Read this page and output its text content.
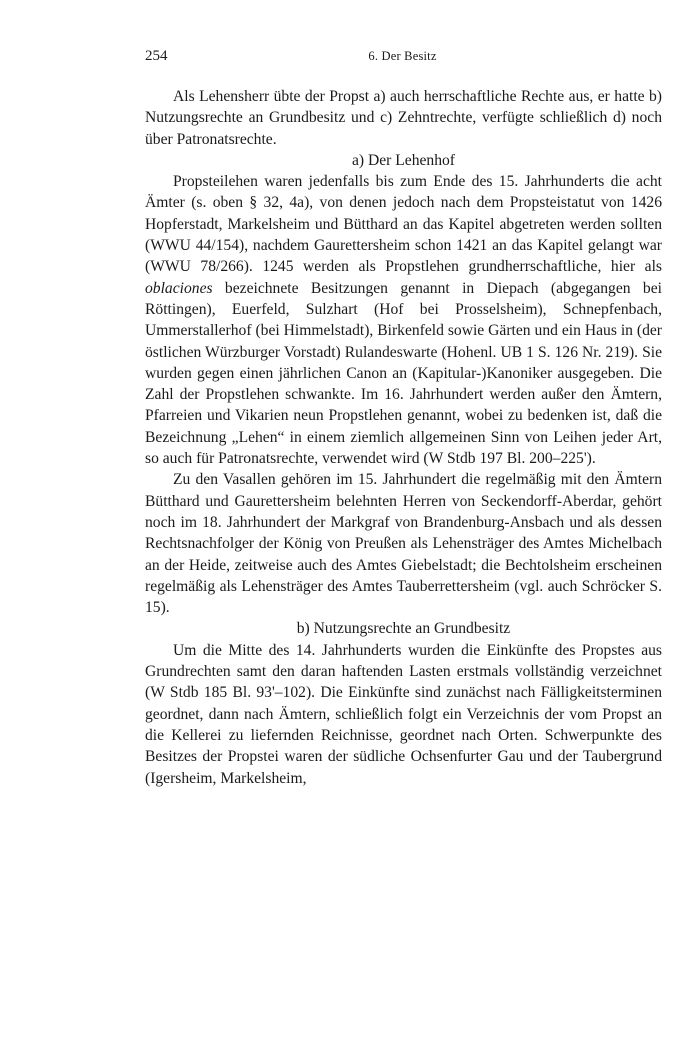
254	6. Der Besitz

Als Lehensherr übte der Propst a) auch herrschaftliche Rechte aus, er hatte b) Nutzungsrechte an Grundbesitz und c) Zehntrechte, verfügte schließlich d) noch über Patronatsrechte.

a) Der Lehenhof

Propsteilehen waren jedenfalls bis zum Ende des 15. Jahrhunderts die acht Ämter (s. oben § 32, 4a), von denen jedoch nach dem Propsteistatut von 1426 Hopferstadt, Markelsheim und Bütthard an das Kapitel abgetreten werden sollten (WWU 44/154), nachdem Gaurettersheim schon 1421 an das Kapitel gelangt war (WWU 78/266). 1245 werden als Propstlehen grundherrschaftliche, hier als oblaciones bezeichnete Besitzungen genannt in Diepach (abgegangen bei Röttingen), Euerfeld, Sulzhart (Hof bei Prosselsheim), Schnepfenbach, Ummerstallerhof (bei Himmelstadt), Birkenfeld sowie Gärten und ein Haus in (der östlichen Würzburger Vorstadt) Rulandeswarte (Hohenl. UB 1 S. 126 Nr. 219). Sie wurden gegen einen jährlichen Canon an (Kapitular-)Kanoniker ausgegeben. Die Zahl der Propstlehen schwankte. Im 16. Jahrhundert werden außer den Ämtern, Pfarreien und Vikarien neun Propstlehen genannt, wobei zu bedenken ist, daß die Bezeichnung „Lehen“ in einem ziemlich allgemeinen Sinn von Leihen jeder Art, so auch für Patronatsrechte, verwendet wird (W Stdb 197 Bl. 200–225').

Zu den Vasallen gehören im 15. Jahrhundert die regelmäßig mit den Ämtern Bütthard und Gaurettersheim belehnten Herren von Seckendorff-Aberdar, gehört noch im 18. Jahrhundert der Markgraf von Brandenburg-Ansbach und als dessen Rechtsnachfolger der König von Preußen als Lehensträger des Amtes Michelbach an der Heide, zeitweise auch des Amtes Giebelstadt; die Bechtolsheim erscheinen regelmäßig als Lehensträger des Amtes Tauberrettersheim (vgl. auch Schröcker S. 15).

b) Nutzungsrechte an Grundbesitz

Um die Mitte des 14. Jahrhunderts wurden die Einkünfte des Propstes aus Grundrechten samt den daran haftenden Lasten erstmals vollständig verzeichnet (W Stdb 185 Bl. 93'–102). Die Einkünfte sind zunächst nach Fälligkeitsterminen geordnet, dann nach Ämtern, schließlich folgt ein Verzeichnis der vom Propst an die Kellerei zu liefernden Reichnisse, geordnet nach Orten. Schwerpunkte des Besitzes der Propstei waren der südliche Ochsenfurter Gau und der Taubergrund (Igersheim, Markelsheim,
